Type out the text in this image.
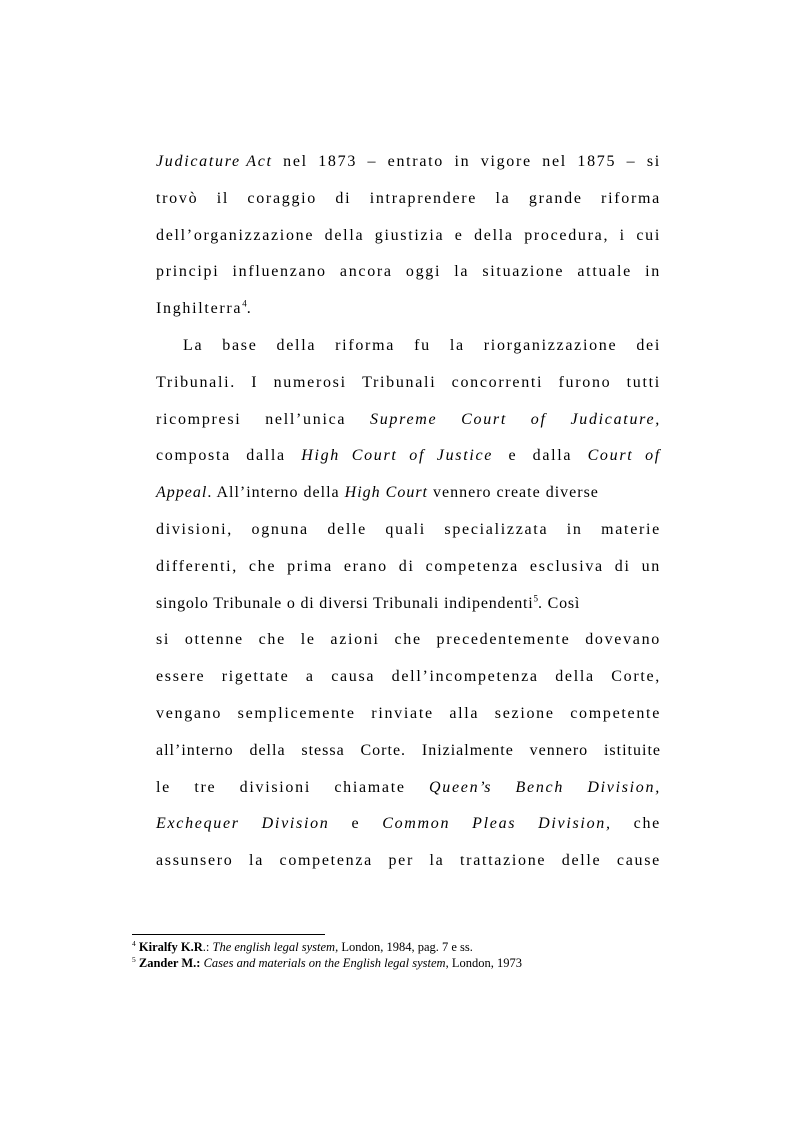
Judicature Act nel 1873 – entrato in vigore nel 1875 – si
trovò il coraggio di intraprendere la grande riforma
dell’organizzazione della giustizia e della procedura, i cui
principi influenzano ancora oggi la situazione attuale in
Inghilterra$^4$.
La base della riforma fu la riorganizzazione dei
Tribunali. I numerosi Tribunali concorrenti furono tutti
ricompresi nell’unica Supreme Court of Judicature,
composta dalla High Court of Justice e dalla Court of
Appeal. All’interno della High Court vennero create diverse
divisioni, ognuna delle quali specializzata in materie
differenti, che prima erano di competenza esclusiva di un
singolo Tribunale o di diversi Tribunali indipendenti$^5$. Così
si ottenne che le azioni che precedentemente dovevano
essere rigettate a causa dell’incompetenza della Corte,
vengano semplicemente rinviate alla sezione competente
all’interno della stessa Corte. Inizialmente vennero istituite
le tre divisioni chiamate Queen’s Bench Division,
Exchequer Division e Common Pleas Division, che
assunsero la competenza per la trattazione delle cause
$^4$ Kiralfy K.R.: The english legal system, London, 1984, pag. 7 e ss.
$^5$ Zander M.: Cases and materials on the English legal system, London, 1973
